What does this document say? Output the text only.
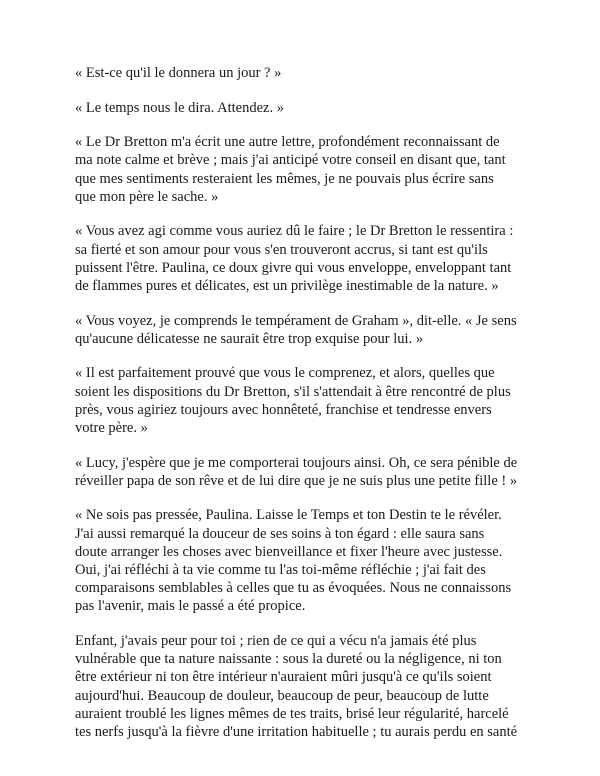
« Est-ce qu'il le donnera un jour ? »

« Le temps nous le dira. Attendez. »

« Le Dr Bretton m'a écrit une autre lettre, profondément reconnaissant de
ma note calme et brève ; mais j'ai anticipé votre conseil en disant que, tant
que mes sentiments resteraient les mêmes, je ne pouvais plus écrire sans
que mon père le sache. »

« Vous avez agi comme vous auriez dû le faire ; le Dr Bretton le ressentira :
sa fierté et son amour pour vous s'en trouveront accrus, si tant est qu'ils
puissent l'être. Paulina, ce doux givre qui vous enveloppe, enveloppant tant
de flammes pures et délicates, est un privilège inestimable de la nature. »

« Vous voyez, je comprends le tempérament de Graham », dit-elle. « Je sens
qu'aucune délicatesse ne saurait être trop exquise pour lui. »

« Il est parfaitement prouvé que vous le comprenez, et alors, quelles que
soient les dispositions du Dr Bretton, s'il s'attendait à être rencontré de plus
près, vous agiriez toujours avec honnêteté, franchise et tendresse envers
votre père. »

« Lucy, j'espère que je me comporterai toujours ainsi. Oh, ce sera pénible de
réveiller papa de son rêve et de lui dire que je ne suis plus une petite fille ! »

« Ne sois pas pressée, Paulina. Laisse le Temps et ton Destin te le révéler.
J'ai aussi remarqué la douceur de ses soins à ton égard : elle saura sans
doute arranger les choses avec bienveillance et fixer l'heure avec justesse.
Oui, j'ai réfléchi à ta vie comme tu l'as toi-même réfléchie ; j'ai fait des
comparaisons semblables à celles que tu as évoquées. Nous ne connaissons
pas l'avenir, mais le passé a été propice.

Enfant, j'avais peur pour toi ; rien de ce qui a vécu n'a jamais été plus
vulnérable que ta nature naissante : sous la dureté ou la négligence, ni ton
être extérieur ni ton être intérieur n'auraient mûri jusqu'à ce qu'ils soient
aujourd'hui. Beaucoup de douleur, beaucoup de peur, beaucoup de lutte
auraient troublé les lignes mêmes de tes traits, brisé leur régularité, harcelé
tes nerfs jusqu'à la fièvre d'une irritation habituelle ; tu aurais perdu en santé
